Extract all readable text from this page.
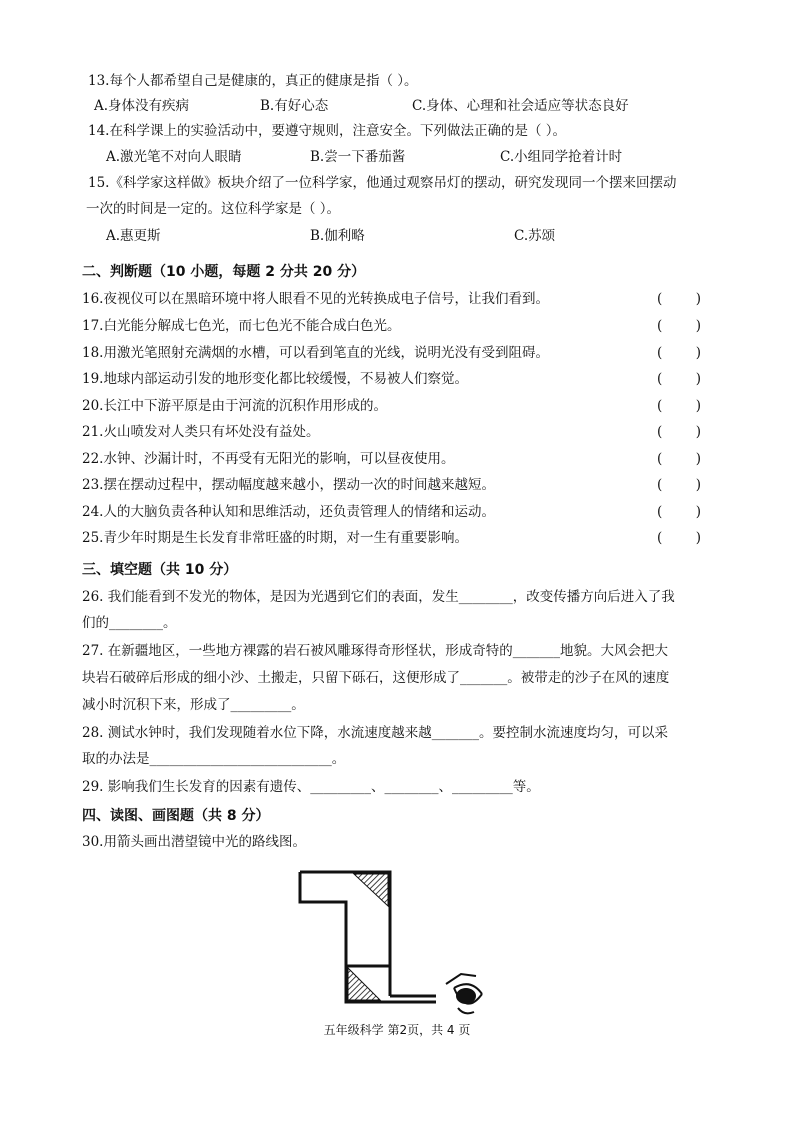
13.每个人都希望自己是健康的，真正的健康是指（ ）。
A.身体没有疾病	B.有好心态	C.身体、心理和社会适应等状态良好
14.在科学课上的实验活动中，要遵守规则，注意安全。下列做法正确的是（ ）。
A.激光笔不对向人眼睛	B.尝一下番茄酱	C.小组同学抢着计时
15.《科学家这样做》板块介绍了一位科学家，他通过观察吊灯的摆动，研究发现同一个摆来回摆动
一次的时间是一定的。这位科学家是（ ）。
A.惠更斯	B.伽利略	C.苏颂
二、判断题（10 小题，每题 2 分共 20 分）
16.夜视仪可以在黑暗环境中将人眼看不见的光转换成电子信号，让我们看到。	( )
17.白光能分解成七色光，而七色光不能合成白色光。	( )
18.用激光笔照射充满烟的水槽，可以看到笔直的光线，说明光没有受到阻碍。	( )
19.地球内部运动引发的地形变化都比较缓慢，不易被人们察觉。	( )
20.长江中下游平原是由于河流的沉积作用形成的。	( )
21.火山喷发对人类只有坏处没有益处。	( )
22.水钟、沙漏计时，不再受有无阳光的影响，可以昼夜使用。	( )
23.摆在摆动过程中，摆动幅度越来越小，摆动一次的时间越来越短。	( )
24.人的大脑负责各种认知和思维活动，还负责管理人的情绪和运动。	( )
25.青少年时期是生长发育非常旺盛的时期，对一生有重要影响。	( )
三、填空题（共 10 分）
26. 我们能看到不发光的物体，是因为光遇到它们的表面，发生________，改变传播方向后进入了我
们的________。
27. 在新疆地区，一些地方裸露的岩石被风雕琢得奇形怪状，形成奇特的_______地貌。大风会把大
块岩石破碎后形成的细小沙、土搬走，只留下砾石，这便形成了_______。被带走的沙子在风的速度
减小时沉积下来，形成了_________。
28. 测试水钟时，我们发现随着水位下降，水流速度越来越_______。要控制水流速度均匀，可以采
取的办法是___________________________。
29. 影响我们生长发育的因素有遗传、_________、________、_________等。
四、读图、画图题（共 8 分）
30.用箭头画出潜望镜中光的路线图。
五年级科学 第2页，共 4 页
